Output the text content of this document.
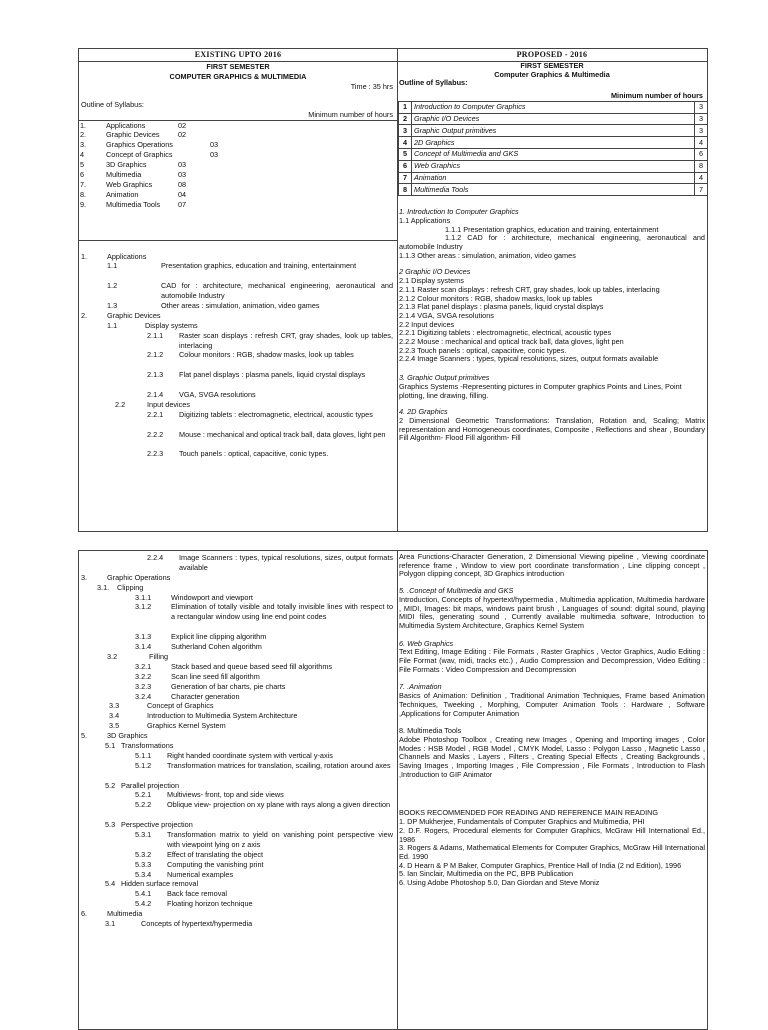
EXISTING UPTO 2016
FIRST SEMESTER
COMPUTER GRAPHICS & MULTIMEDIA
Time : 35 hrs
Outline of Syllabus:
Minimum number of hours
1.	Applications	02
2.	Graphic Devices	02
3.	Graphics Operations	03
4	Concept of Graphics	03
5	3D Graphics	03
6	Multimedia	03
7.	Web Graphics	08
8.	Animation	04
9.	Multimedia Tools 07
1.	Applications
1.1	Presentation graphics, education and training, entertainment
1.2	CAD for : architecture, mechanical engineering, aeronautical and automobile Industry
1.3	Other areas : simulation, animation, video games
2.	Graphic Devices
1.1	Display systems
2.1.1 Raster scan displays : refresh CRT, gray shades, look up tables, interlacing
2.1.2 Colour monitors : RGB, shadow masks, look up tables
2.1.3 Flat panel displays : plasma panels, liquid crystal displays
2.1.4 VGA, SVGA resolutions
2.2	Input devices
2.2.1 Digitizing tablets : electromagnetic, electrical, acoustic types
2.2.2 Mouse : mechanical and optical track ball, data gloves, light pen
2.2.3 Touch panels : optical, capacitive, conic types.
PROPOSED - 2016
FIRST SEMESTER
Computer Graphics & Multimedia
Outline of Syllabus:
Minimum number of hours
1	Introduction to Computer Graphics	3
2	Graphic I/O Devices	3
3	Graphic Output primitives	3
4	2D Graphics	4
5	Concept of Multimedia and GKS	6
6	Web Graphics	8
7	Animation	4
8	Multimedia Tools	7
1. Introduction to Computer Graphics
1.1 Applications
1.1.1 Presentation graphics, education and training, entertainment
1.1.2 CAD for : architecture, mechanical engineering, aeronautical and automobile Industry
1.1.3 Other areas : simulation, animation, video games
2 Graphic I/O Devices
2.1 Display systems
2.1.1 Raster scan displays : refresh CRT, gray shades, look up tables, interlacing
2.1.2 Colour monitors : RGB, shadow masks, look up tables
2.1.3 Flat panel displays : plasma panels, liquid crystal displays
2.1.4 VGA, SVGA resolutions
2.2 Input devices
2.2.1 Digitizing tablets : electromagnetic, electrical, acoustic types
2.2.2 Mouse : mechanical and optical track ball, data gloves, light pen
2.2.3 Touch panels : optical, capacitive, conic types.
2.2.4 Image Scanners : types, typical resolutions, sizes, output formats available
3. Graphic Output primitives
Graphics Systems -Representing pictures in Computer graphics Points and Lines, Point plotting, line drawing, filling.
4. 2D Graphics
2 Dimensional Geometric Transformations: Translation, Rotation and, Scaling; Matrix representation and Homogeneous coordinates, Composite , Reflections and shear , Boundary Fill Algorithm- Flood Fill algorithm- Fill
2.2.4 Image Scanners : types, typical resolutions, sizes, output formats available
3.	Graphic Operations
3.1. Clipping
3.1.1	Windowport and viewport
3.1.2	Elimination of totally visible and totally invisible lines with respect to a rectangular window using line end point codes
3.1.3	Explicit line clipping algorithm
3.1.4	Sutherland Cohen algorithm
3.2	Filling
3.2.1	Stack based and queue based seed fill algorithms
3.2.2	Scan line seed fill algorithm
3.2.3	Generation of bar charts, pie charts
3.2.4	Character generation
3.3	Concept of Graphics
3.4	Introduction to Multimedia System Architecture
3.5	Graphics Kernel System
5.	3D Graphics
5.1 Transformations
5.1.1 Right handed coordinate system with vertical y-axis
5.1.2 Transformation matrices for translation, scailing, rotation around axes
5.2 Parallel projection
5.2.1 Multiviews- front, top and side views
5.2.2 Oblique view- projection on xy plane with rays along a given direction
5.3 Perspective projection
5.3.1 Transformation matrix to yield on vanishing point perspective view with viewpoint lying on z axis
5.3.2 Effect of translating the object
5.3.3 Computing the vanishing print
5.3.4 Numerical examples
5.4 Hidden surface removal
5.4.1 Back face removal
5.4.2 Floating horizon technique
6.	Multimedia
3.1	Concepts of hypertext/hypermedia
Area Functions-Character Generation, 2 Dimensional Viewing pipeline , Viewing coordinate reference frame , Window to view port coordinate transformation , Line clipping concept , Polygon clipping concept, 3D Graphics introduction
5. .Concept of Multimedia and GKS
Introduction, Concepts of hypertext/hypermedia , Multimedia application, Multimedia hardware , MIDI, Images: bit maps, windows paint brush , Languages of sound: digital sound, playing MIDI files, generating sound , Currently available multimedia software, Introduction to Multimedia System Architecture, Graphics Kernel System
6. Web Graphics
Text Editing, Image Editing : File Formats , Raster Graphics , Vector Graphics, Audio Editing : File Format (wav, midi, tracks etc.) , Audio Compression and Decompression, Video Editing : File Formats : Video Compression and Decompression
7. .Animation
Basics of Animation: Definition , Traditional Animation Techniques, Frame based Animation Techniques, Tweeking , Morphing, Computer Animation Tools : Hardware , Software ,Applications for Computer Animation
8. Multimedia Tools
Adobe Photoshop Toolbox , Creating new Images , Opening and Importing images , Color Modes : HSB Model , RGB Model , CMYK Model, Lasso : Polygon Lasso , Magnetic Lasso , Channels and Masks , Layers , Filters , Creating Special Effects , Creating Backgrounds , Saving Images , Importing Images , File Compression , File Formats , Introduction to Flash ,Introduction to GIF Animator
BOOKS RECOMMENDED FOR READING AND REFERENCE MAIN READING
1. DP Mukherjee, Fundamentals of Computer Graphics and Multimedia, PHI
2. D.F. Rogers, Procedural elements for Computer Graphics, McGraw Hill International Ed., 1986
3. Rogers & Adams, Mathematical Elements for Computer Graphics, McGraw Hill International Ed. 1990
4. D Hearn & P M Baker, Computer Graphics, Prentice Hall of India (2 nd Edition), 1996
5. Ian Sinclair, Multimedia on the PC, BPB Publication
6. Using Adobe Photoshop 5.0, Dan Giordan and Steve Moniz
